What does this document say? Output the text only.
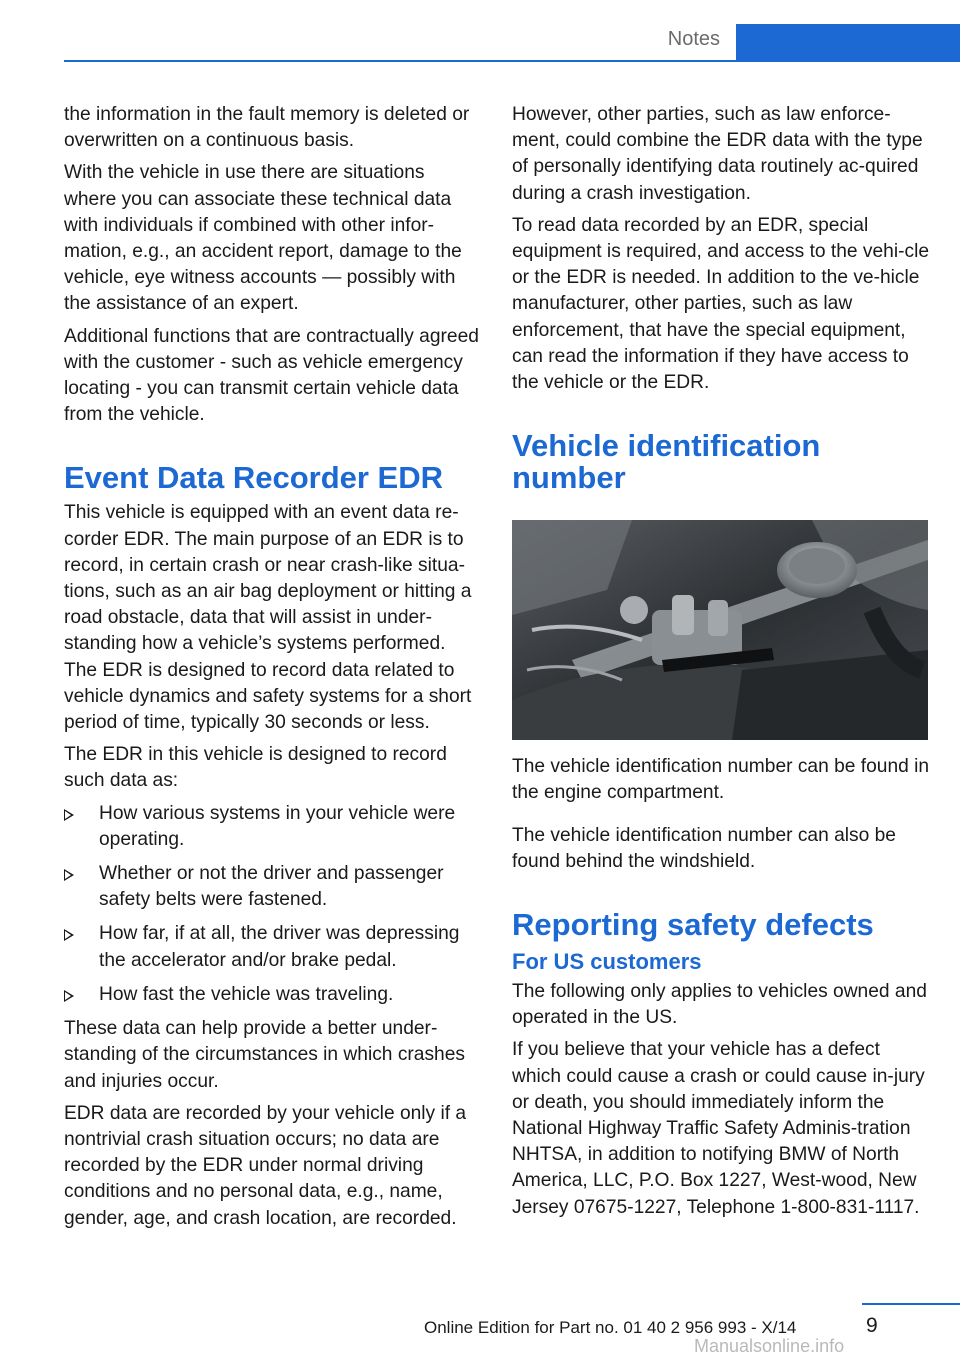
Notes

the information in the fault memory is deleted or overwritten on a continuous basis.

With the vehicle in use there are situations where you can associate these technical data with individuals if combined with other infor‐mation, e.g., an accident report, damage to the vehicle, eye witness accounts — possibly with the assistance of an expert.

Additional functions that are contractually agreed with the customer - such as vehicle emergency locating - you can transmit certain vehicle data from the vehicle.

Event Data Recorder EDR

This vehicle is equipped with an event data re‐corder EDR. The main purpose of an EDR is to record, in certain crash or near crash-like situa‐tions, such as an air bag deployment or hitting a road obstacle, data that will assist in under‐standing how a vehicle’s systems performed. The EDR is designed to record data related to vehicle dynamics and safety systems for a short period of time, typically 30 seconds or less.

The EDR in this vehicle is designed to record such data as:

How various systems in your vehicle were operating.
Whether or not the driver and passenger safety belts were fastened.
How far, if at all, the driver was depressing the accelerator and/or brake pedal.
How fast the vehicle was traveling.

These data can help provide a better under‐standing of the circumstances in which crashes and injuries occur.

EDR data are recorded by your vehicle only if a nontrivial crash situation occurs; no data are recorded by the EDR under normal driving conditions and no personal data, e.g., name, gender, age, and crash location, are recorded.

However, other parties, such as law enforce‐ment, could combine the EDR data with the type of personally identifying data routinely ac‐quired during a crash investigation.

To read data recorded by an EDR, special equipment is required, and access to the vehi‐cle or the EDR is needed. In addition to the ve‐hicle manufacturer, other parties, such as law enforcement, that have the special equipment, can read the information if they have access to the vehicle or the EDR.

Vehicle identification number

The vehicle identification number can be found in the engine compartment.

The vehicle identification number can also be found behind the windshield.

Reporting safety defects
For US customers

The following only applies to vehicles owned and operated in the US.

If you believe that your vehicle has a defect which could cause a crash or could cause in‐jury or death, you should immediately inform the National Highway Traffic Safety Adminis‐tration NHTSA, in addition to notifying BMW of North America, LLC, P.O. Box 1227, West‐wood, New Jersey 07675-1227, Telephone 1-800-831-1117.

9
Online Edition for Part no. 01 40 2 956 993 - X/14
Manualsonline.info
